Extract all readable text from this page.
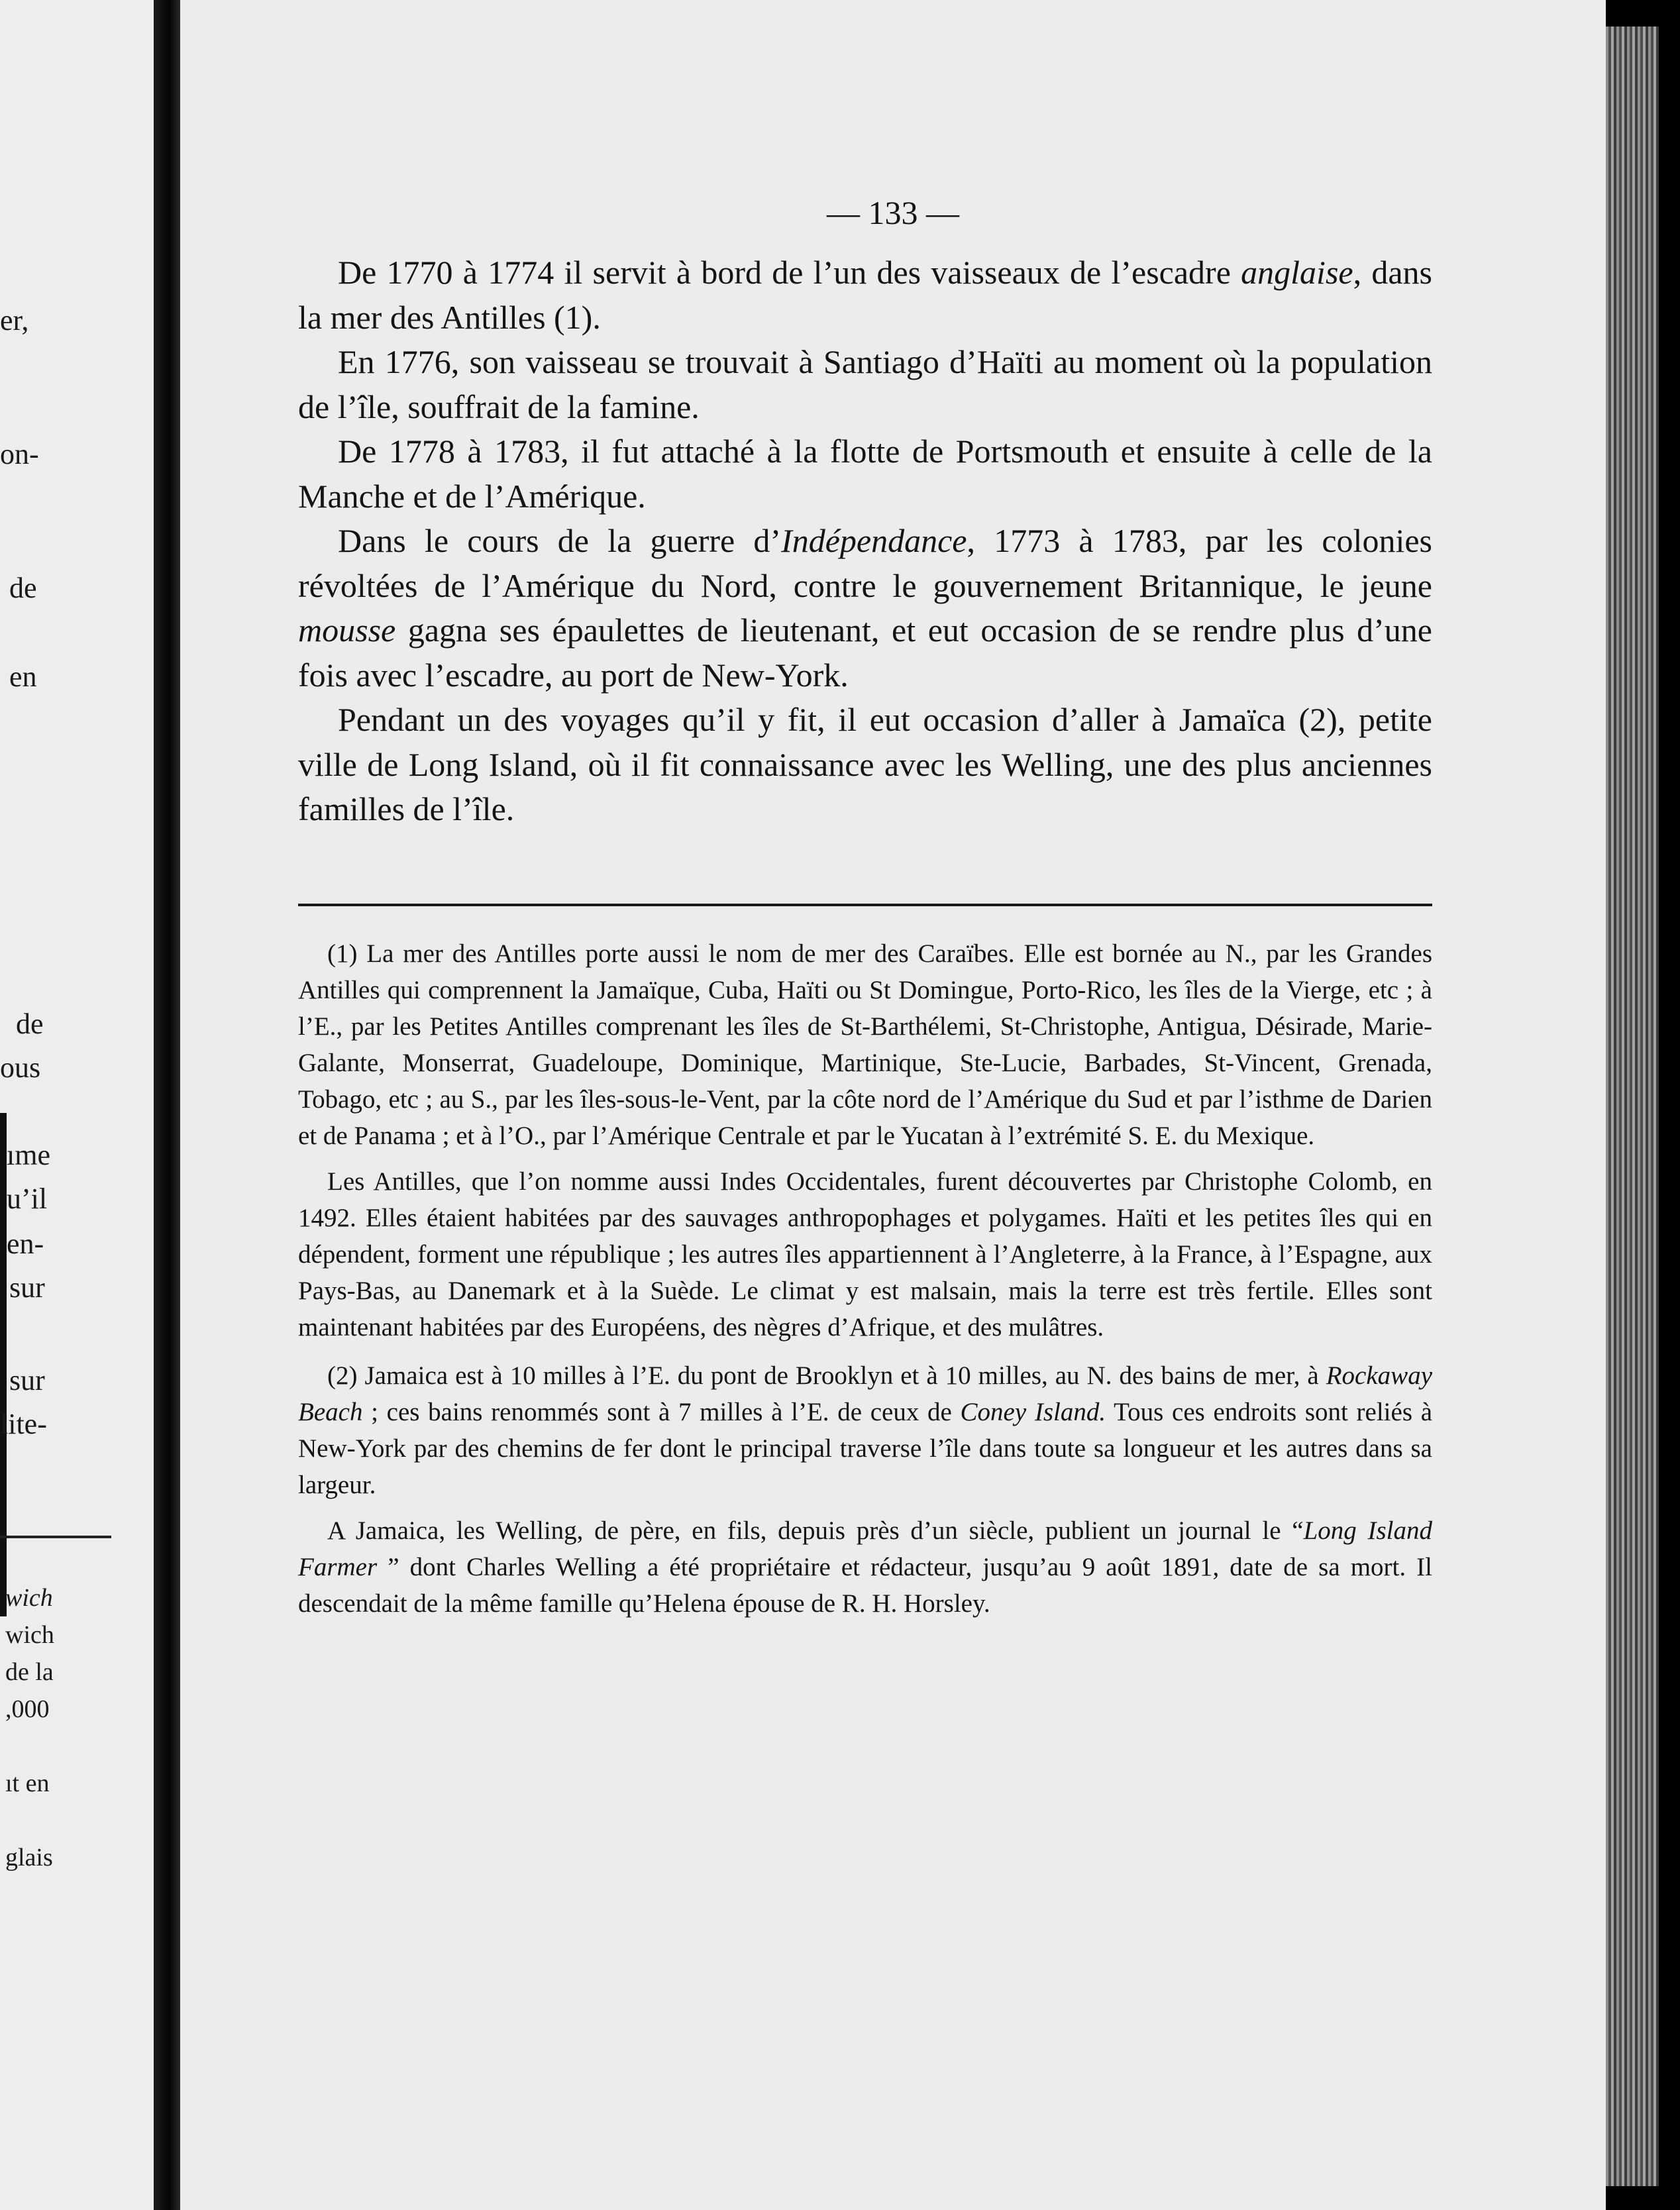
er,
on-
de
en
de
ous
ıme
u’il
en-
sur
sur
lite-
wich
wich
de la
,000
ıt en
glais
— 133 —
De 1770 à 1774 il servit à bord de l’un des vaisseaux de l’escadre anglaise, dans la mer des Antilles (1).
En 1776, son vaisseau se trouvait à Santiago d’Haïti au moment où la population de l’île, souffrait de la famine.
De 1778 à 1783, il fut attaché à la flotte de Portsmouth et ensuite à celle de la Manche et de l’Amérique.
Dans le cours de la guerre d’Indépendance, 1773 à 1783, par les colonies révoltées de l’Amérique du Nord, contre le gouvernement Britannique, le jeune mousse gagna ses épaulettes de lieutenant, et eut occasion de se rendre plus d’une fois avec l’escadre, au port de New-York.
Pendant un des voyages qu’il y fit, il eut occasion d’aller à Jamaïca (2), petite ville de Long Island, où il fit connaissance avec les Welling, une des plus anciennes familles de l’île.

(1) La mer des Antilles porte aussi le nom de mer des Caraïbes. Elle est bornée au N., par les Grandes Antilles qui comprennent la Jamaïque, Cuba, Haïti ou St Domingue, Porto-Rico, les îles de la Vierge, etc ; à l’E., par les Petites Antilles comprenant les îles de St-Barthélemi, St-Christophe, Antigua, Désirade, Marie-Galante, Monserrat, Guadeloupe, Dominique, Martinique, Ste-Lucie, Barbades, St-Vincent, Grenada, Tobago, etc ; au S., par les îles-sous-le-Vent, par la côte nord de l’Amérique du Sud et par l’isthme de Darien et de Panama ; et à l’O., par l’Amérique Centrale et par le Yucatan à l’extrémité S. E. du Mexique.

Les Antilles, que l’on nomme aussi Indes Occidentales, furent découvertes par Christophe Colomb, en 1492. Elles étaient habitées par des sauvages anthropophages et polygames. Haïti et les petites îles qui en dépendent, forment une république ; les autres îles appartiennent à l’Angleterre, à la France, à l’Espagne, aux Pays-Bas, au Danemark et à la Suède. Le climat y est malsain, mais la terre est très fertile. Elles sont maintenant habitées par des Européens, des nègres d’Afrique, et des mulâtres.

(2) Jamaica est à 10 milles à l’E. du pont de Brooklyn et à 10 milles, au N. des bains de mer, à Rockaway Beach ; ces bains renommés sont à 7 milles à l’E. de ceux de Coney Island. Tous ces endroits sont reliés à New-York par des chemins de fer dont le principal traverse l’île dans toute sa longueur et les autres dans sa largeur.

A Jamaica, les Welling, de père, en fils, depuis près d’un siècle, publient un journal le “Long Island Farmer ” dont Charles Welling a été propriétaire et rédacteur, jusqu’au 9 août 1891, date de sa mort. Il descendait de la même famille qu’Helena épouse de R. H. Horsley.
